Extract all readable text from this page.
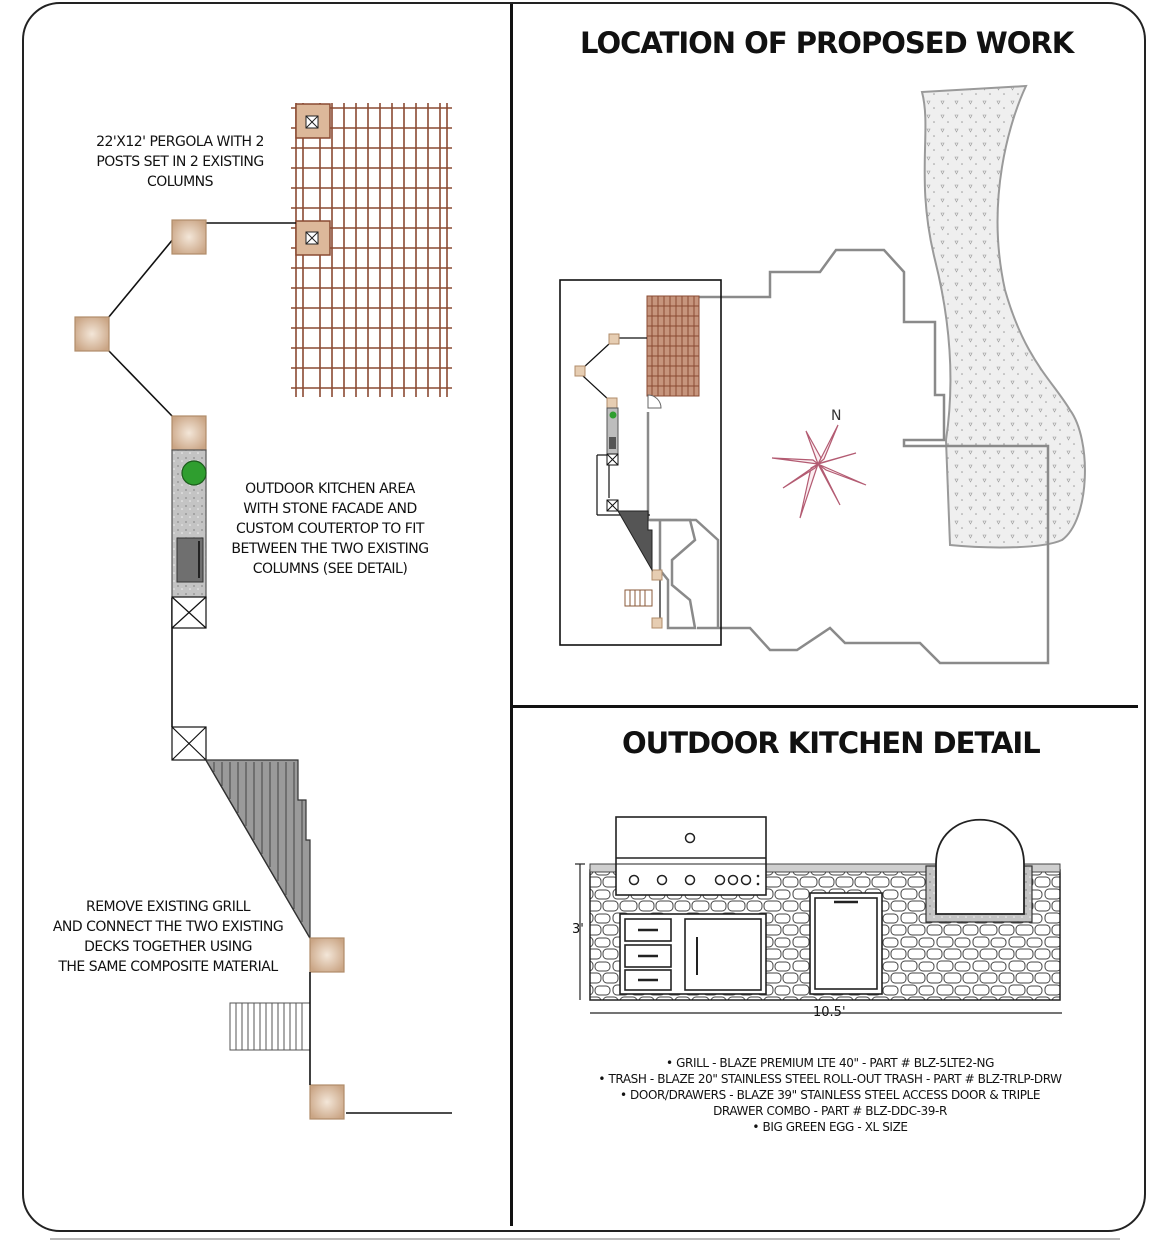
LOCATION OF PROPOSED WORK
OUTDOOR KITCHEN DETAIL
22'X12' PERGOLA WITH 2
POSTS SET IN 2 EXISTING
COLUMNS
OUTDOOR KITCHEN AREA
WITH STONE FACADE AND
CUSTOM COUTERTOP TO FIT
BETWEEN THE TWO EXISTING
COLUMNS (SEE DETAIL)
REMOVE EXISTING GRILL
AND CONNECT THE TWO EXISTING
DECKS TOGETHER USING
THE SAME COMPOSITE MATERIAL
• GRILL - BLAZE PREMIUM LTE 40" - PART # BLZ-5LTE2-NG
• TRASH - BLAZE 20" STAINLESS STEEL ROLL-OUT TRASH - PART # BLZ-TRLP-DRW
• DOOR/DRAWERS - BLAZE 39" STAINLESS STEEL ACCESS DOOR & TRIPLE
DRAWER COMBO - PART # BLZ-DDC-39-R
• BIG GREEN EGG - XL SIZE
3'
10.5'
N
